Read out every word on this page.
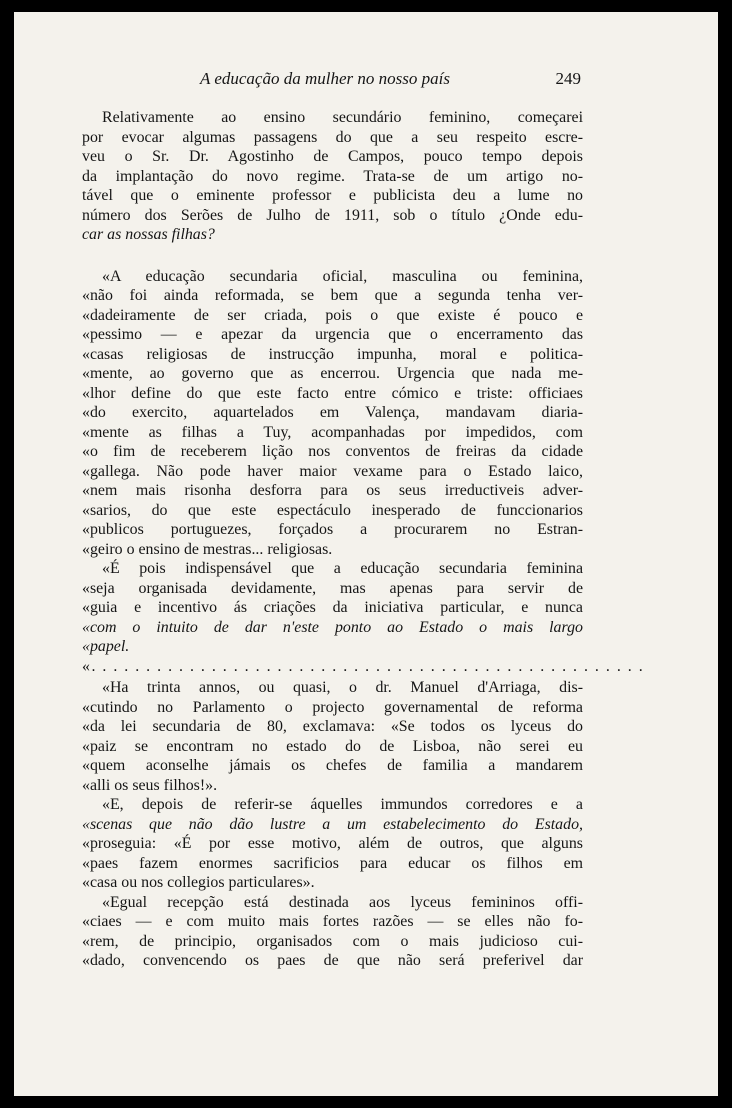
A educação da mulher no nosso país	249
Relativamente ao ensino secundário feminino, começarei
por evocar algumas passagens do que a seu respeito escre-
veu o Sr. Dr. Agostinho de Campos, pouco tempo depois
da implantação do novo regime. Trata-se de um artigo no-
tável que o eminente professor e publicista deu a lume no
número dos Serões de Julho de 1911, sob o título ¿Onde edu-
car as nossas filhas?
«A educação secundaria oficial, masculina ou feminina,
«não foi ainda reformada, se bem que a segunda tenha ver-
«dadeiramente de ser criada, pois o que existe é pouco e
«pessimo — e apezar da urgencia que o encerramento das
«casas religiosas de instrucção impunha, moral e politica-
«mente, ao governo que as encerrou. Urgencia que nada me-
«lhor define do que este facto entre cómico e triste: officiaes
«do exercito, aquartelados em Valença, mandavam diaria-
«mente as filhas a Tuy, acompanhadas por impedidos, com
«o fim de receberem lição nos conventos de freiras da cidade
«gallega. Não pode haver maior vexame para o Estado laico,
«nem mais risonha desforra para os seus irreductiveis adver-
«sarios, do que este espectáculo inesperado de funccionarios
«publicos portuguezes, forçados a procurarem no Estran-
«geiro o ensino de mestras... religiosas.
«É pois indispensável que a educação secundaria feminina
«seja organisada devidamente, mas apenas para servir de
«guia e incentivo ás criações da iniciativa particular, e nunca
«com o intuito de dar n'este ponto ao Estado o mais largo
«papel.
«. . . . . . . . . . . . . . . . . . . . . . . . . . . . . . . . . . . . . . . . . . . . . . . . . . .
«Ha trinta annos, ou quasi, o dr. Manuel d'Arriaga, dis-
«cutindo no Parlamento o projecto governamental de reforma
«da lei secundaria de 80, exclamava: «Se todos os lyceus do
«paiz se encontram no estado do de Lisboa, não serei eu
«quem aconselhe jámais os chefes de familia a mandarem
«alli os seus filhos!».
«E, depois de referir-se áquelles immundos corredores e a
«scenas que não dão lustre a um estabelecimento do Estado,
«proseguia: «É por esse motivo, além de outros, que alguns
«paes fazem enormes sacrificios para educar os filhos em
«casa ou nos collegios particulares».
«Egual recepção está destinada aos lyceus femininos offi-
«ciaes — e com muito mais fortes razões — se elles não fo-
«rem, de principio, organisados com o mais judicioso cui-
«dado, convencendo os paes de que não será preferivel dar
